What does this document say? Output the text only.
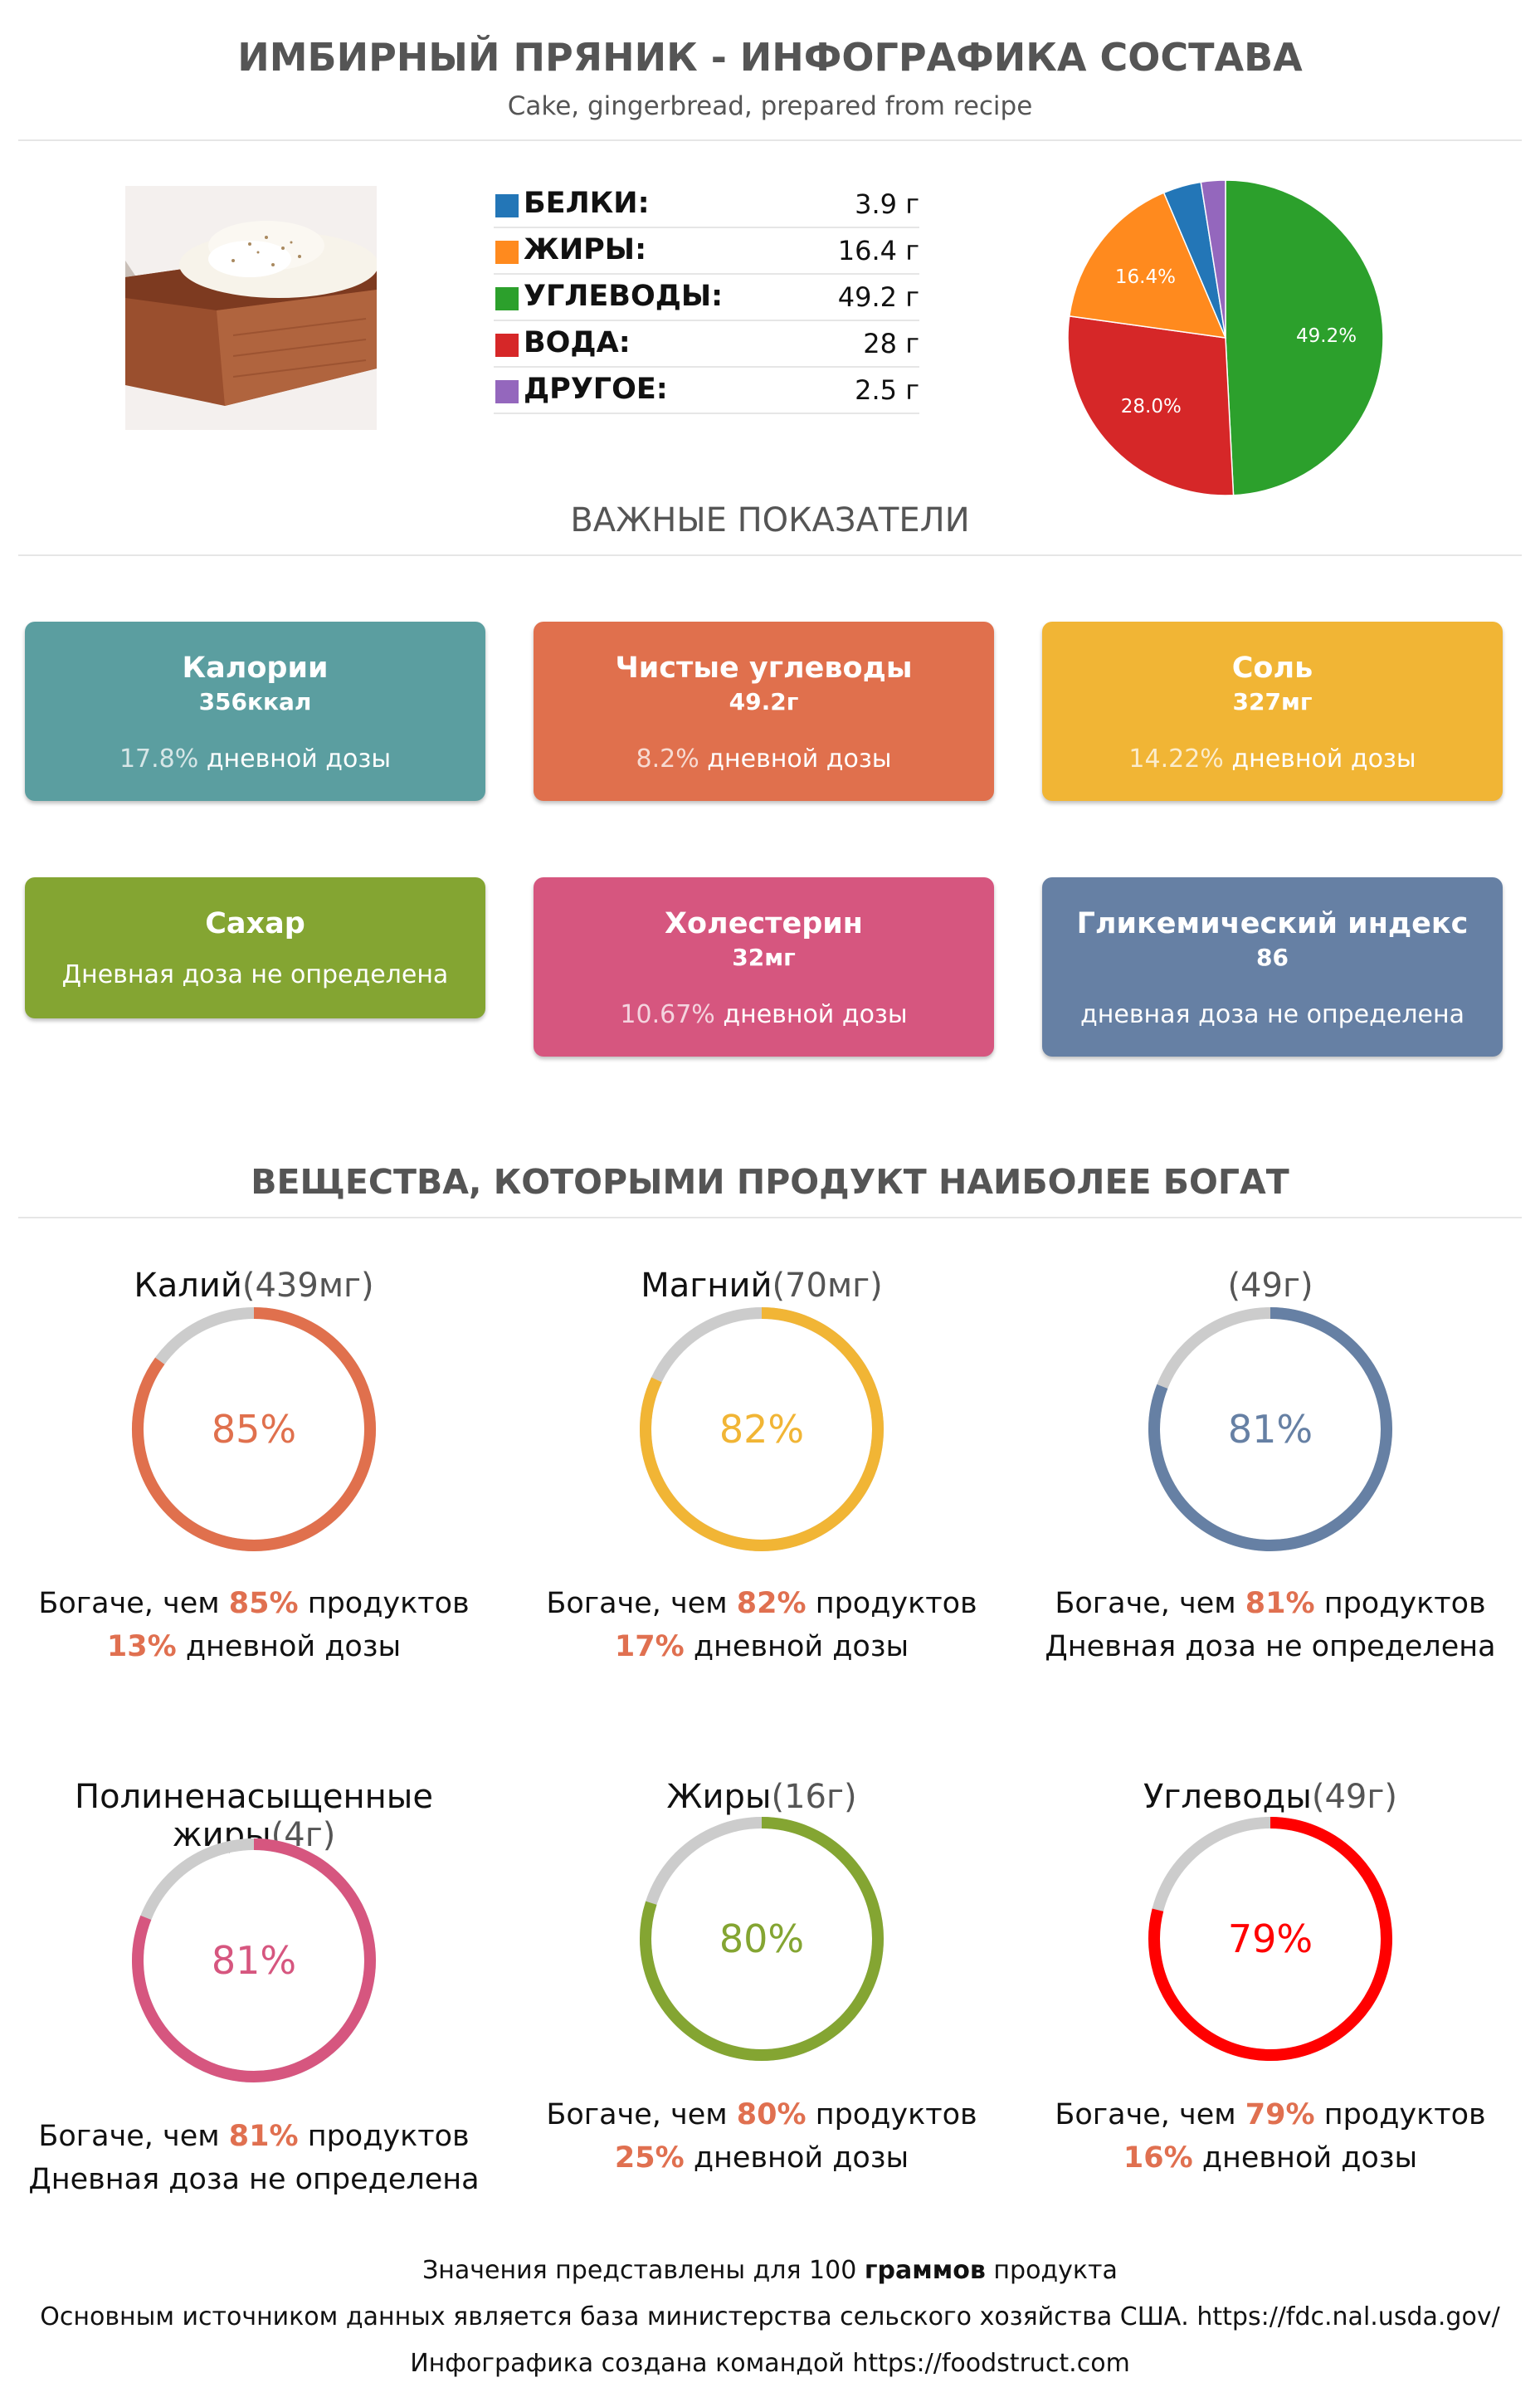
ИМБИРНЫЙ ПРЯНИК - ИНФОГРАФИКА СОСТАВА
Cake, gingerbread, prepared from recipe
БЕЛКИ:	3.9 г
ЖИРЫ:	16.4 г
УГЛЕВОДЫ:	49.2 г
ВОДА:	28 г
ДРУГОЕ:	2.5 г
49.2%
28.0%
16.4%
ВАЖНЫЕ ПОКАЗАТЕЛИ
Калории
356ккал
17.8% дневной дозы
Чистые углеводы
49.2г
8.2% дневной дозы
Соль
327мг
14.22% дневной дозы
Сахар
Дневная доза не определена
Холестерин
32мг
10.67% дневной дозы
Гликемический индекс
86
дневная доза не определена
ВЕЩЕСТВА, КОТОРЫМИ ПРОДУКТ НАИБОЛЕЕ БОГАТ
Калий(439мг)
85%
Богаче, чем 85% продуктов
13% дневной дозы
Магний(70мг)
82%
Богаче, чем 82% продуктов
17% дневной дозы
(49г)
81%
Богаче, чем 81% продуктов
Дневная доза не определена
Полиненасыщенные жиры(4г)
81%
Богаче, чем 81% продуктов
Дневная доза не определена
Жиры(16г)
80%
Богаче, чем 80% продуктов
25% дневной дозы
Углеводы(49г)
79%
Богаче, чем 79% продуктов
16% дневной дозы
Значения представлены для 100 граммов продукта
Основным источником данных является база министерства сельского хозяйства США. https://fdc.nal.usda.gov/
Инфографика создана командой https://foodstruct.com
